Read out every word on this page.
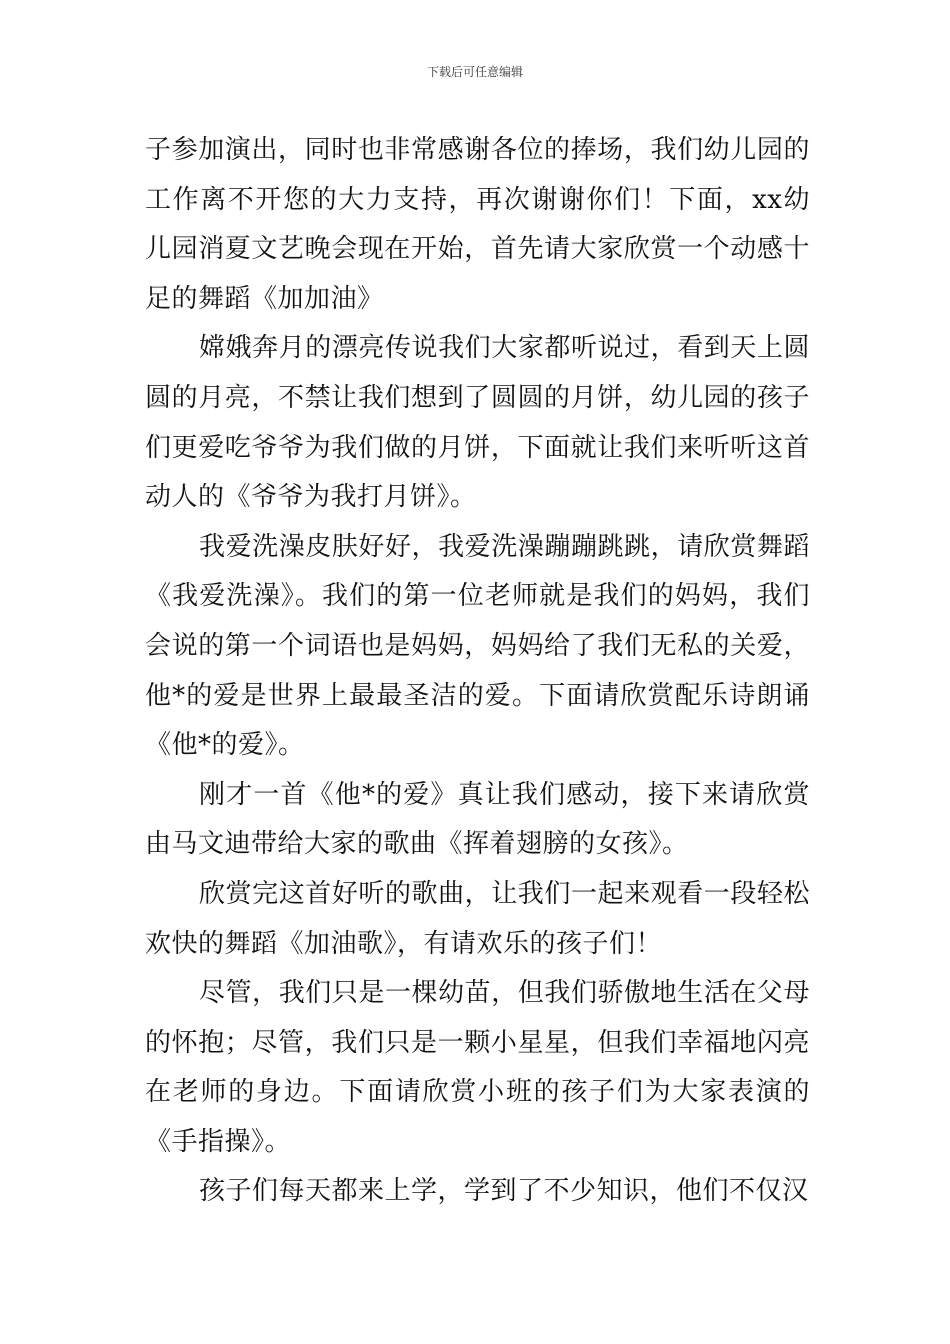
下载后可任意编辑

子参加演出，同时也非常感谢各位的捧场，我们幼儿园的工作离不开您的大力支持，再次谢谢你们！下面，xx幼儿园消夏文艺晚会现在开始，首先请大家欣赏一个动感十足的舞蹈《加加油》

嫦娥奔月的漂亮传说我们大家都听说过，看到天上圆圆的月亮，不禁让我们想到了圆圆的月饼，幼儿园的孩子们更爱吃爷爷为我们做的月饼，下面就让我们来听听这首动人的《爷爷为我打月饼》。

我爱洗澡皮肤好好，我爱洗澡蹦蹦跳跳，请欣赏舞蹈《我爱洗澡》。我们的第一位老师就是我们的妈妈，我们会说的第一个词语也是妈妈，妈妈给了我们无私的关爱，他*的爱是世界上最最圣洁的爱。下面请欣赏配乐诗朗诵《他*的爱》。

刚才一首《他*的爱》真让我们感动，接下来请欣赏由马文迪带给大家的歌曲《挥着翅膀的女孩》。

欣赏完这首好听的歌曲，让我们一起来观看一段轻松欢快的舞蹈《加油歌》，有请欢乐的孩子们！

尽管，我们只是一棵幼苗，但我们骄傲地生活在父母的怀抱；尽管，我们只是一颗小星星，但我们幸福地闪亮在老师的身边。下面请欣赏小班的孩子们为大家表演的《手指操》。

孩子们每天都来上学，学到了不少知识，他们不仅汉
